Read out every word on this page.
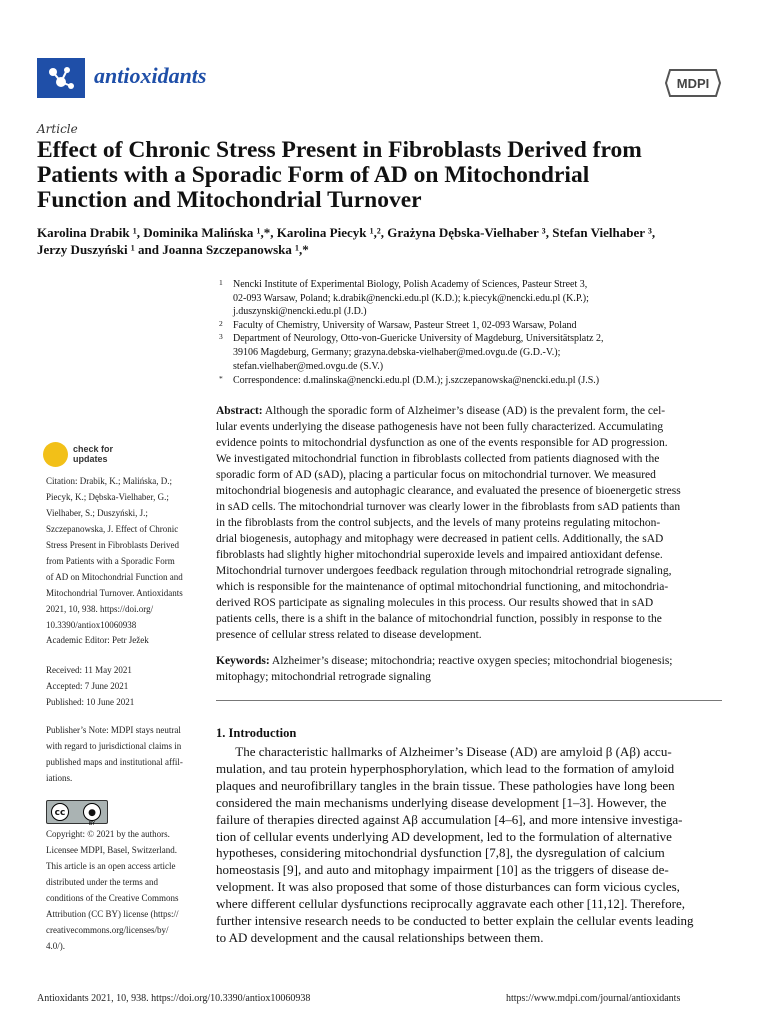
antioxidants	MDPI
Article
Effect of Chronic Stress Present in Fibroblasts Derived from
Patients with a Sporadic Form of AD on Mitochondrial
Function and Mitochondrial Turnover
Karolina Drabik ¹, Dominika Malińska ¹,*, Karolina Piecyk ¹,², Grażyna Dębska-Vielhaber ³, Stefan Vielhaber ³,
Jerzy Duszyński ¹ and Joanna Szczepanowska ¹,*
1 Nencki Institute of Experimental Biology, Polish Academy of Sciences, Pasteur Street 3,
02-093 Warsaw, Poland; k.drabik@nencki.edu.pl (K.D.); k.piecyk@nencki.edu.pl (K.P.);
j.duszynski@nencki.edu.pl (J.D.)
2 Faculty of Chemistry, University of Warsaw, Pasteur Street 1, 02-093 Warsaw, Poland
3 Department of Neurology, Otto-von-Guericke University of Magdeburg, Universitätsplatz 2,
39106 Magdeburg, Germany; grazyna.debska-vielhaber@med.ovgu.de (G.D.-V.);
stefan.vielhaber@med.ovgu.de (S.V.)
* Correspondence: d.malinska@nencki.edu.pl (D.M.); j.szczepanowska@nencki.edu.pl (J.S.)
Abstract: Although the sporadic form of Alzheimer’s disease (AD) is the prevalent form, the cel-
lular events underlying the disease pathogenesis have not been fully characterized. Accumulating
evidence points to mitochondrial dysfunction as one of the events responsible for AD progression.
We investigated mitochondrial function in fibroblasts collected from patients diagnosed with the
sporadic form of AD (sAD), placing a particular focus on mitochondrial turnover. We measured
mitochondrial biogenesis and autophagic clearance, and evaluated the presence of bioenergetic stress
in sAD cells. The mitochondrial turnover was clearly lower in the fibroblasts from sAD patients than
in the fibroblasts from the control subjects, and the levels of many proteins regulating mitochon-
drial biogenesis, autophagy and mitophagy were decreased in patient cells. Additionally, the sAD
fibroblasts had slightly higher mitochondrial superoxide levels and impaired antioxidant defense.
Mitochondrial turnover undergoes feedback regulation through mitochondrial retrograde signaling,
which is responsible for the maintenance of optimal mitochondrial functioning, and mitochondria-
derived ROS participate as signaling molecules in this process. Our results showed that in sAD
patients cells, there is a shift in the balance of mitochondrial function, possibly in response to the
presence of cellular stress related to disease development.
Keywords: Alzheimer’s disease; mitochondria; reactive oxygen species; mitochondrial biogenesis;
mitophagy; mitochondrial retrograde signaling
1. Introduction
The characteristic hallmarks of Alzheimer’s Disease (AD) are amyloid β (Aβ) accu-
mulation, and tau protein hyperphosphorylation, which lead to the formation of amyloid
plaques and neurofibrillary tangles in the brain tissue. These pathologies have long been
considered the main mechanisms underlying disease development [1–3]. However, the
failure of therapies directed against Aβ accumulation [4–6], and more intensive investiga-
tion of cellular events underlying AD development, led to the formulation of alternative
hypotheses, considering mitochondrial dysfunction [7,8], the dysregulation of calcium
homeostasis [9], and auto and mitophagy impairment [10] as the triggers of disease de-
velopment. It was also proposed that some of those disturbances can form vicious cycles,
where different cellular dysfunctions reciprocally aggravate each other [11,12]. Therefore,
further intensive research needs to be conducted to better explain the cellular events leading
to AD development and the causal relationships between them.
check for
updates
Citation: Drabik, K.; Malińska, D.;
Piecyk, K.; Dębska-Vielhaber, G.;
Vielhaber, S.; Duszyński, J.;
Szczepanowska, J. Effect of Chronic
Stress Present in Fibroblasts Derived
from Patients with a Sporadic Form
of AD on Mitochondrial Function and
Mitochondrial Turnover. Antioxidants
2021, 10, 938. https://doi.org/
10.3390/antiox10060938
Academic Editor: Petr Ježek
Received: 11 May 2021
Accepted: 7 June 2021
Published: 10 June 2021
Publisher’s Note: MDPI stays neutral
with regard to jurisdictional claims in
published maps and institutional affil-
iations.
cc	●
BY
Copyright: © 2021 by the authors.
Licensee MDPI, Basel, Switzerland.
This article is an open access article
distributed under the terms and
conditions of the Creative Commons
Attribution (CC BY) license (https://
creativecommons.org/licenses/by/
4.0/).
Antioxidants 2021, 10, 938. https://doi.org/10.3390/antiox10060938	https://www.mdpi.com/journal/antioxidants
